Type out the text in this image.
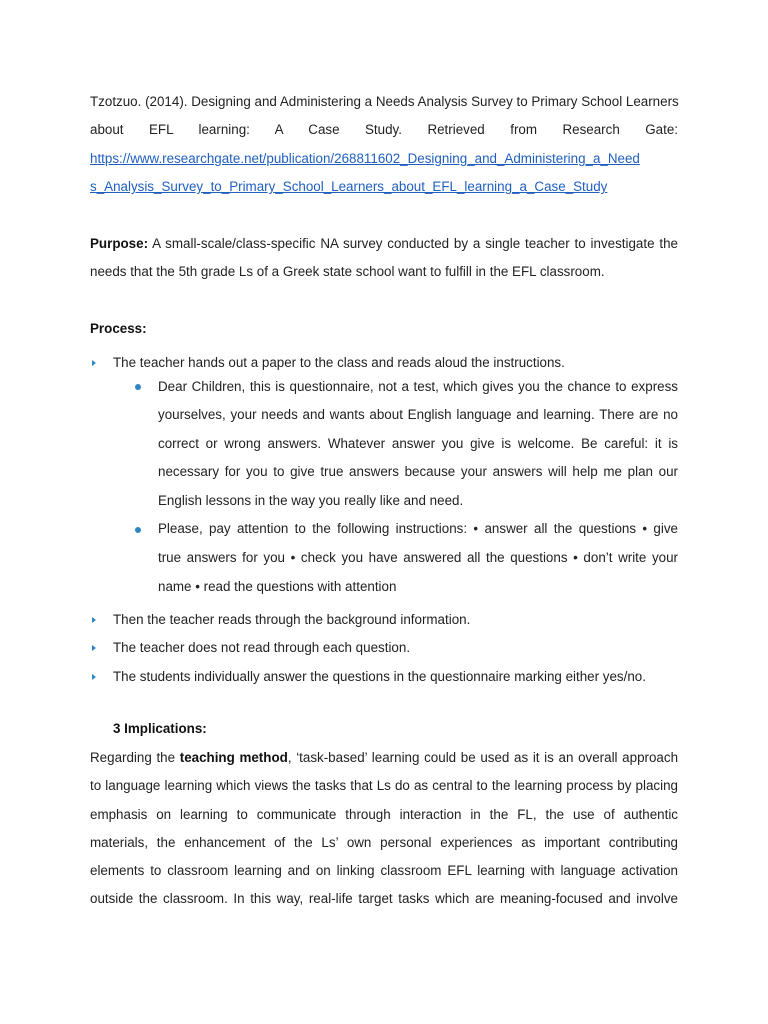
Tzotzuo. (2014). Designing and Administering a Needs Analysis Survey to Primary School Learners
about EFL learning: A Case Study. Retrieved from Research Gate:
https://www.researchgate.net/publication/268811602_Designing_and_Administering_a_Need
s_Analysis_Survey_to_Primary_School_Learners_about_EFL_learning_a_Case_Study
Purpose: A small-scale/class-specific NA survey conducted by a single teacher to investigate the
needs that the 5th grade Ls of a Greek state school want to fulfill in the EFL classroom.
Process:
The teacher hands out a paper to the class and reads aloud the instructions.
Dear Children, this is questionnaire, not a test, which gives you the chance to express
yourselves, your needs and wants about English language and learning. There are no
correct or wrong answers. Whatever answer you give is welcome. Be careful: it is
necessary for you to give true answers because your answers will help me plan our
English lessons in the way you really like and need.
Please, pay attention to the following instructions: • answer all the questions • give
true answers for you • check you have answered all the questions • don’t write your
name • read the questions with attention
Then the teacher reads through the background information.
The teacher does not read through each question.
The students individually answer the questions in the questionnaire marking either yes/no.
3 Implications:
Regarding the teaching method, ‘task-based’ learning could be used as it is an overall approach
to language learning which views the tasks that Ls do as central to the learning process by placing
emphasis on learning to communicate through interaction in the FL, the use of authentic
materials, the enhancement of the Ls’ own personal experiences as important contributing
elements to classroom learning and on linking classroom EFL learning with language activation
outside the classroom. In this way, real-life target tasks which are meaning-focused and involve
